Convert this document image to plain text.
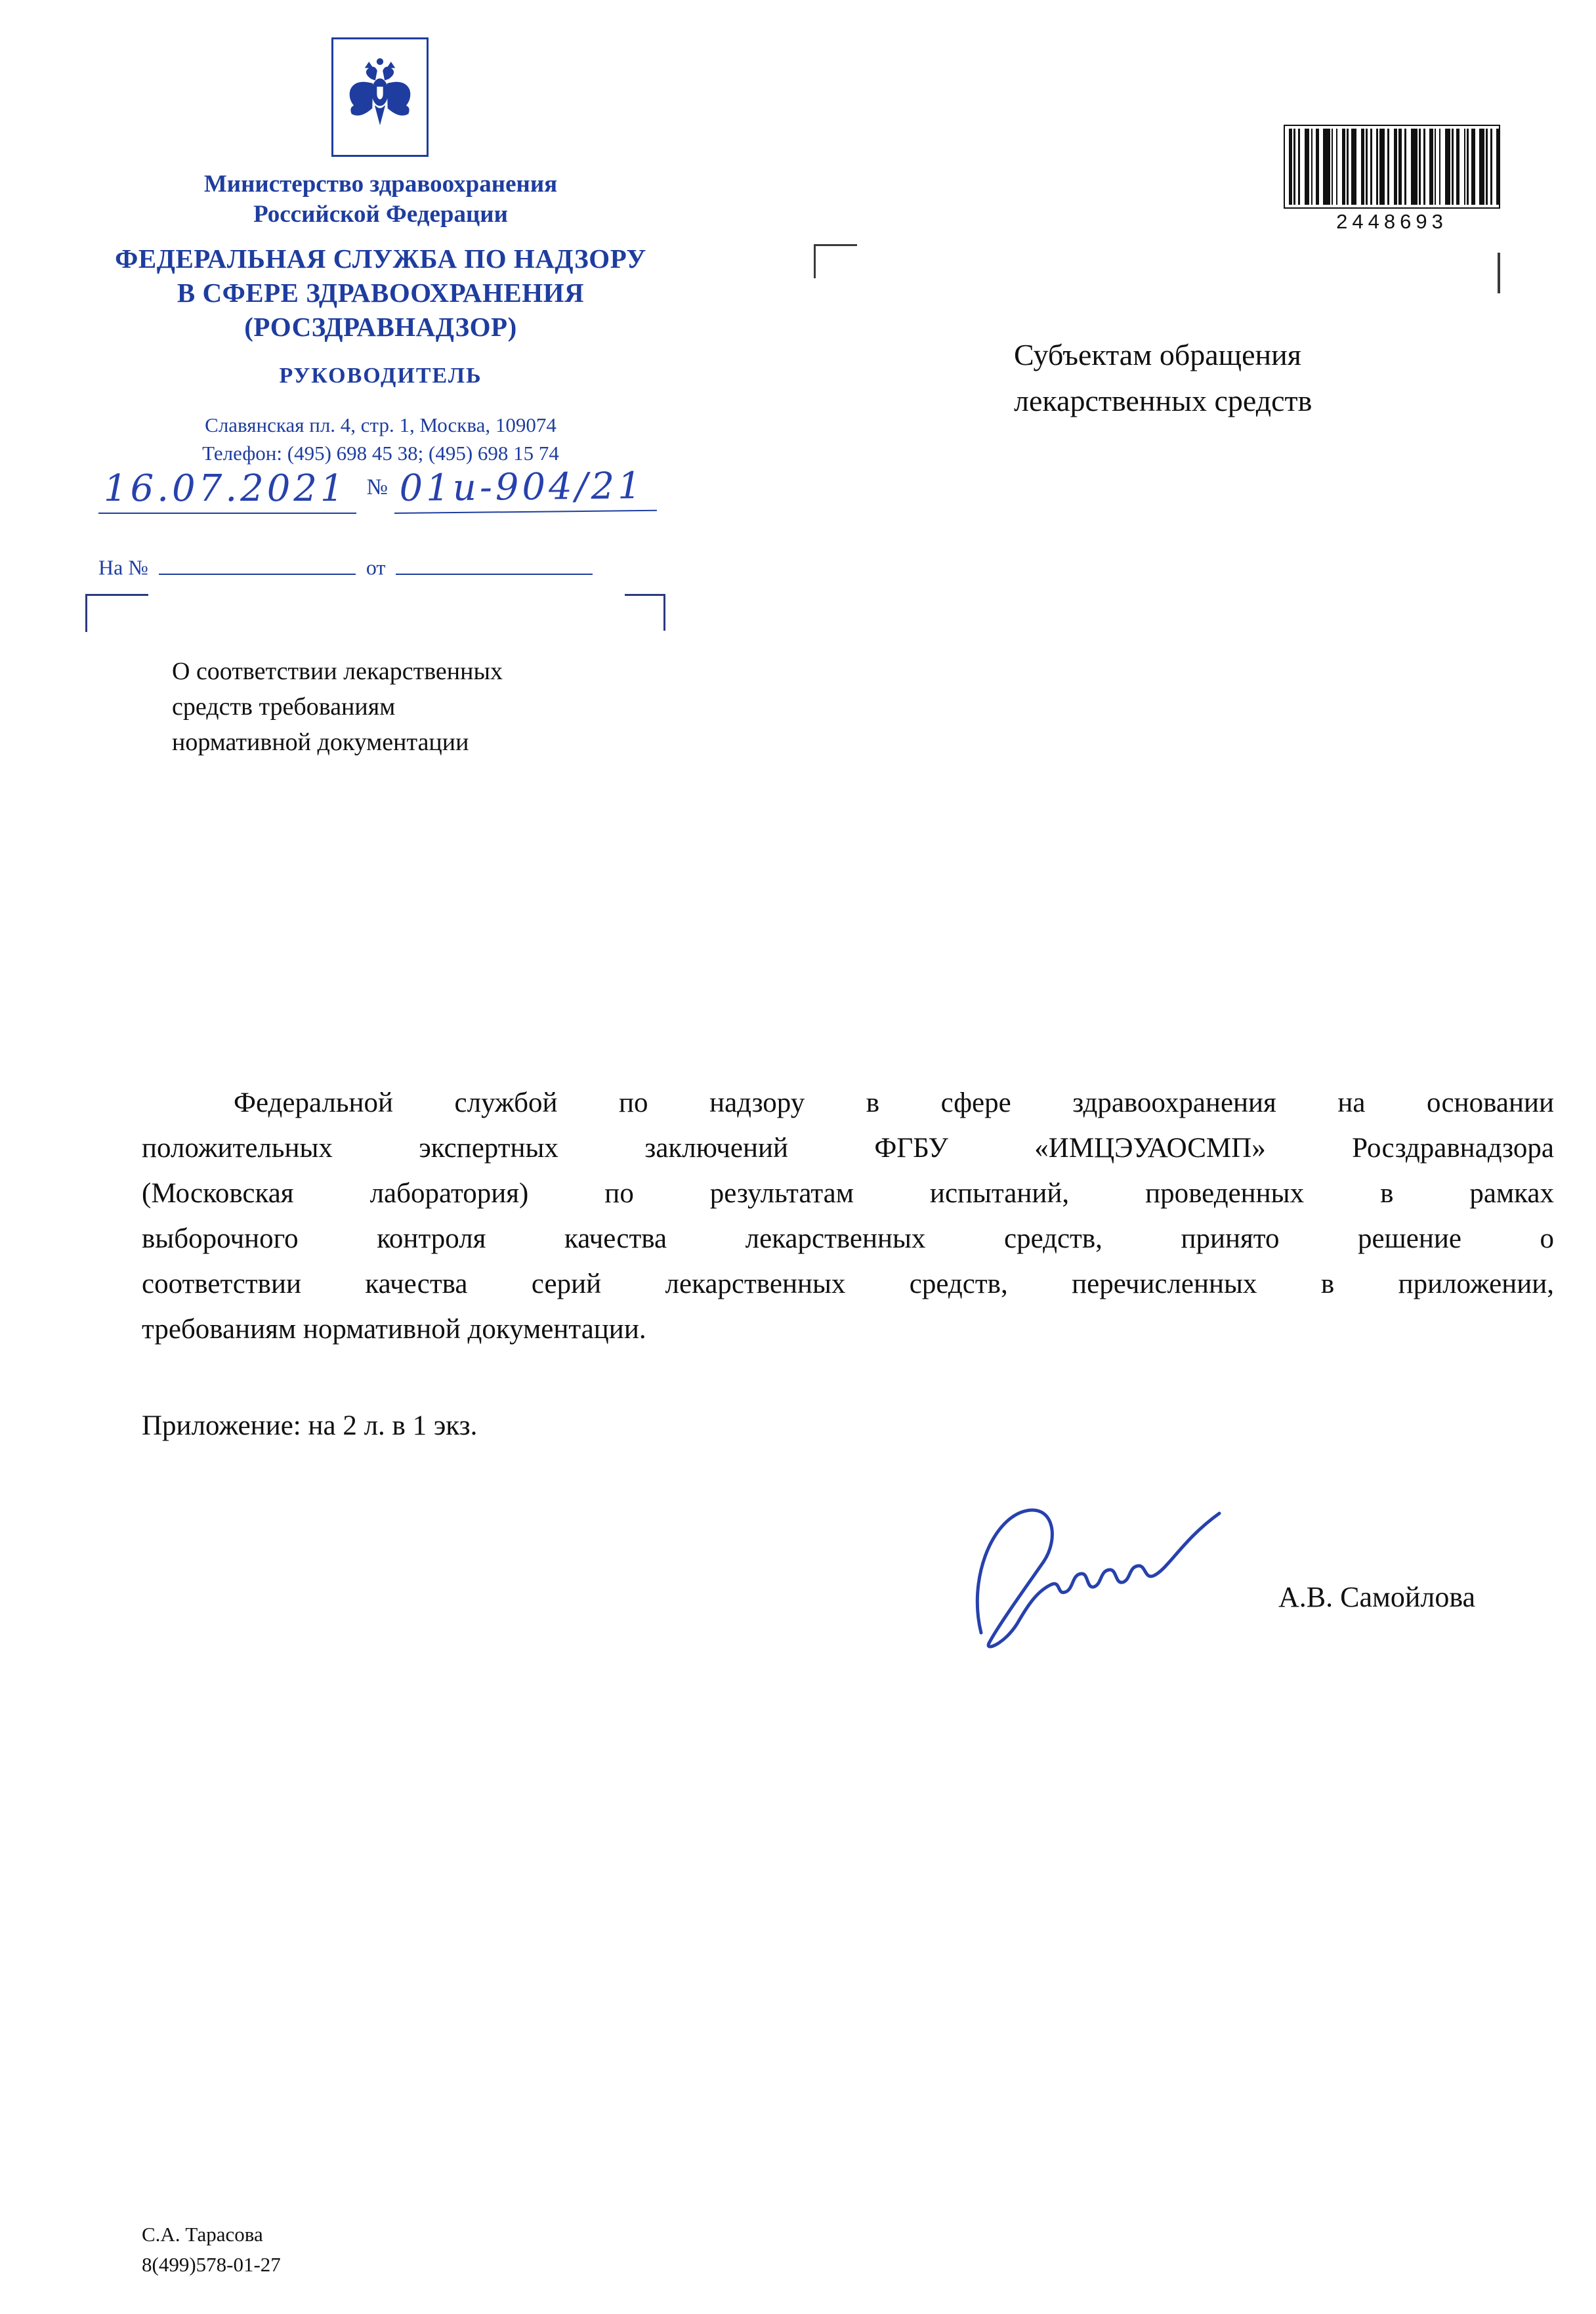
Министерство здравоохранения
Российской Федерации
ФЕДЕРАЛЬНАЯ СЛУЖБА ПО НАДЗОРУ
В СФЕРЕ ЗДРАВООХРАНЕНИЯ
(РОСЗДРАВНАДЗОР)
РУКОВОДИТЕЛЬ
Славянская пл. 4, стр. 1, Москва, 109074
Телефон: (495) 698 45 38; (495) 698 15 74
16.07.2021 № 01и-904/21
На №	от
2448693
Субъектам обращения
лекарственных средств
О соответствии лекарственных
средств требованиям
нормативной документации
Федеральной службой по надзору в сфере здравоохранения на основании
положительных экспертных заключений ФГБУ «ИМЦЭУАОСМП» Росздравнадзора
(Московская лаборатория) по результатам испытаний, проведенных в рамках
выборочного контроля качества лекарственных средств, принято решение о
соответствии качества серий лекарственных средств, перечисленных в приложении,
требованиям нормативной документации.
Приложение: на 2 л. в 1 экз.
А.В. Самойлова
С.А. Тарасова
8(499)578-01-27
